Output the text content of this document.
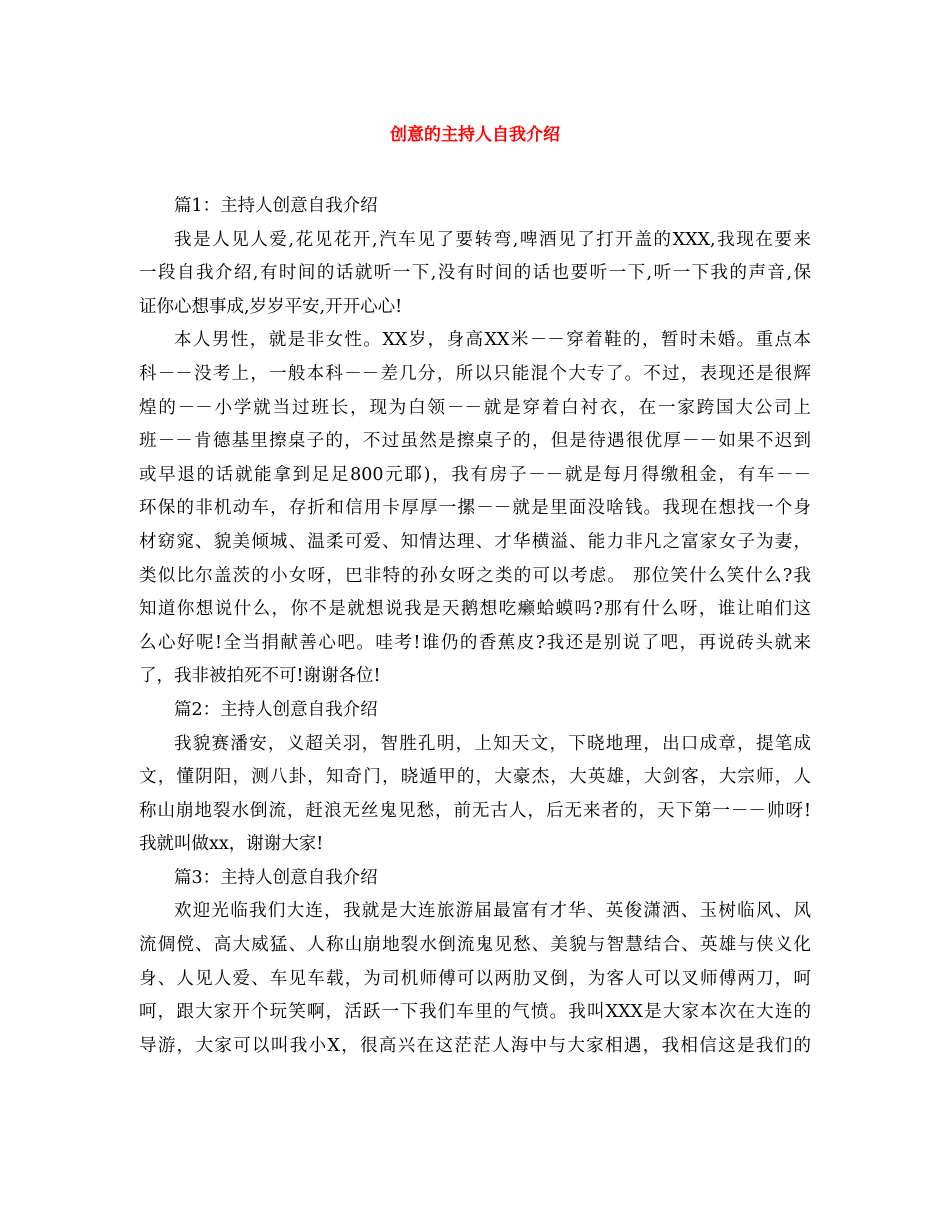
创意的主持人自我介绍

篇1：主持人创意自我介绍

我是人见人爱,花见花开,汽车见了要转弯,啤酒见了打开盖的XXX,我现在要来

一段自我介绍,有时间的话就听一下,没有时间的话也要听一下,听一下我的声音,保

证你心想事成,岁岁平安,开开心心!

本人男性，就是非女性。XX岁，身高XX米－－穿着鞋的，暂时未婚。重点本

科－－没考上，一般本科－－差几分，所以只能混个大专了。不过，表现还是很辉

煌的－－小学就当过班长，现为白领－－就是穿着白衬衣，在一家跨国大公司上

班－－肯德基里擦桌子的，不过虽然是擦桌子的，但是待遇很优厚－－如果不迟到

或早退的话就能拿到足足800元耶)，我有房子－－就是每月得缴租金，有车－－

环保的非机动车，存折和信用卡厚厚一摞－－就是里面没啥钱。我现在想找一个身

材窈窕、貌美倾城、温柔可爱、知情达理、才华横溢、能力非凡之富家女子为妻，

类似比尔盖茨的小女呀，巴非特的孙女呀之类的可以考虑。 那位笑什么笑什么?我

知道你想说什么，你不是就想说我是天鹅想吃癞蛤蟆吗?那有什么呀，谁让咱们这

么心好呢!全当捐献善心吧。哇考!谁仍的香蕉皮?我还是别说了吧，再说砖头就来

了，我非被拍死不可!谢谢各位!

篇2：主持人创意自我介绍

我貌赛潘安，义超关羽，智胜孔明，上知天文，下晓地理，出口成章，提笔成

文，懂阴阳，测八卦，知奇门，晓遁甲的，大豪杰，大英雄，大剑客，大宗师，人

称山崩地裂水倒流，赶浪无丝鬼见愁，前无古人，后无来者的，天下第一－－帅呀!

我就叫做xx，谢谢大家!

篇3：主持人创意自我介绍

欢迎光临我们大连，我就是大连旅游届最富有才华、英俊潇洒、玉树临风、风

流倜傥、高大威猛、人称山崩地裂水倒流鬼见愁、美貌与智慧结合、英雄与侠义化

身、人见人爱、车见车载，为司机师傅可以两肋叉倒，为客人可以叉师傅两刀，呵

呵，跟大家开个玩笑啊，活跃一下我们车里的气愤。我叫XXX是大家本次在大连的

导游，大家可以叫我小X，很高兴在这茫茫人海中与大家相遇，我相信这是我们的
